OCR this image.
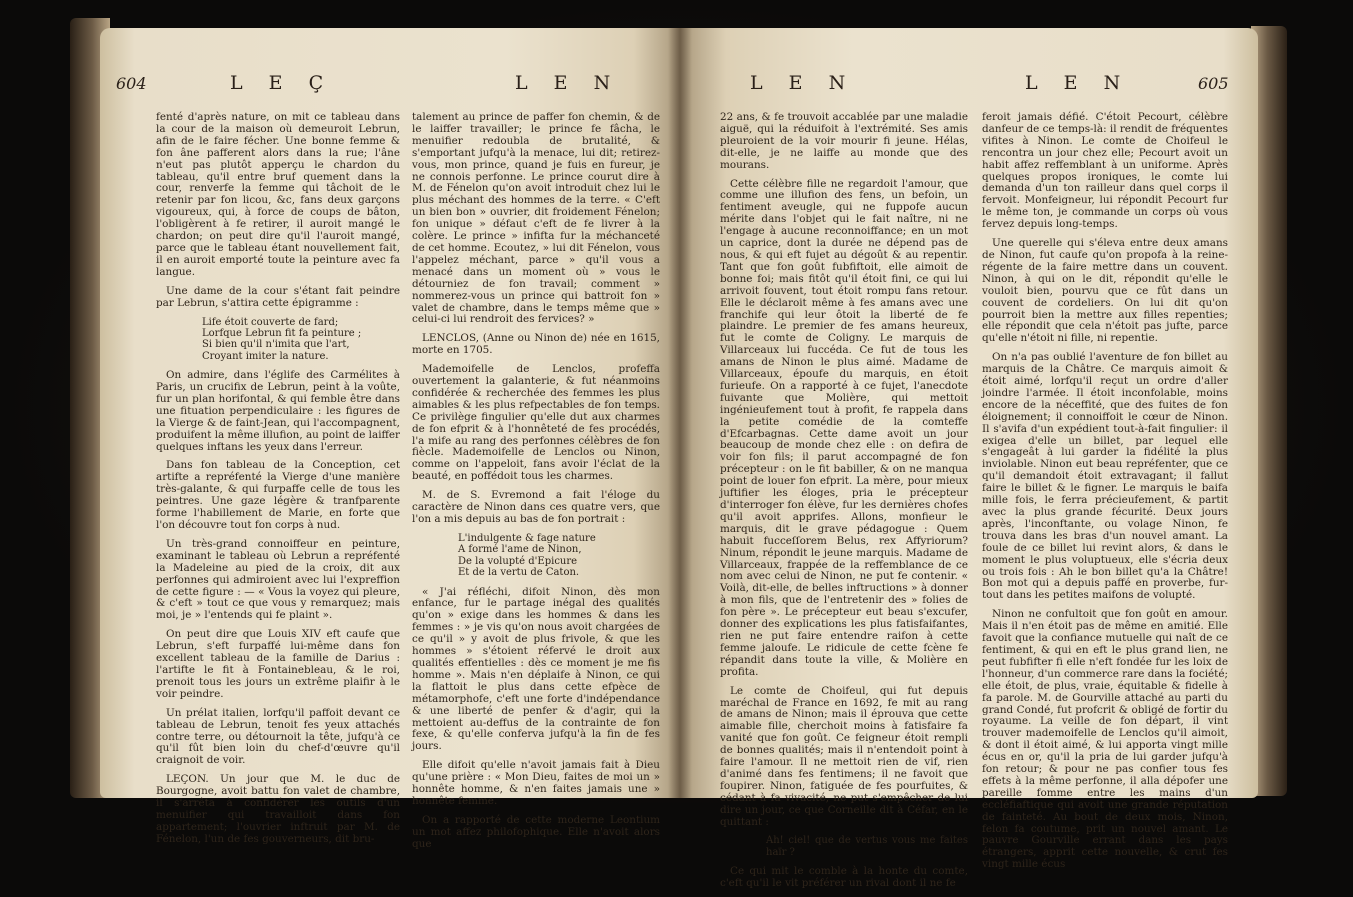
604	L E Ç	L E N

fenté d'après nature, on mit ce tableau dans la cour de la maison où demeuroit Lebrun, afin de le faire fécher. Une bonne femme & fon âne pafferent alors dans la rue; l'âne n'eut pas plutôt apperçu le chardon du tableau, qu'il entre bruf quement dans la cour, renverfe la femme qui tâchoit de le retenir par fon licou, &c, fans deux garçons vigoureux, qui, à force de coups de bâton, l'obligèrent à fe retirer, il auroit mangé le chardon; on peut dire qu'il l'auroit mangé, parce que le tableau étant nouvellement fait, il en auroit emporté toute la peinture avec fa langue.

Une dame de la cour s'étant fait peindre par Lebrun, s'attira cette épigramme :

Life étoit couverte de fard;
Lorfque Lebrun fit fa peinture ;
Si bien qu'il n'imita que l'art,
Croyant imiter la nature.

On admire, dans l'églife des Carmélites à Paris, un crucifix de Lebrun, peint à la voûte, fur un plan horifontal, & qui femble être dans une fituation perpendiculaire : les figures de la Vierge & de faint-Jean, qui l'accompagnent, produifent la même illufion, au point de laiffer quelques inftans les yeux dans l'erreur.

Dans fon tableau de la Conception, cet artifte a repréfenté la Vierge d'une manière très-galante, & qui furpaffe celle de tous les peintres. Une gaze légère & tranfparente forme l'habillement de Marie, en forte que l'on découvre tout fon corps à nud.

Un très-grand connoiffeur en peinture, examinant le tableau où Lebrun a repréfenté la Madeleine au pied de la croix, dit aux perfonnes qui admiroient avec lui l'expreffion de cette figure : — « Vous la voyez qui pleure, & c'eft » tout ce que vous y remarquez; mais moi, je » l'entends qui fe plaint ».

On peut dire que Louis XIV eft caufe que Lebrun, s'eft furpaffé lui-même dans fon excellent tableau de la famille de Darius : l'artifte le fit à Fontainebleau, & le roi, prenoit tous les jours un extrême plaifir à le voir peindre.

Un prélat italien, lorfqu'il paffoit devant ce tableau de Lebrun, tenoit fes yeux attachés contre terre, ou détournoit la tête, jufqu'à ce qu'il fût bien loin du chef-d'œuvre qu'il craignoit de voir.

LEÇON. Un jour que M. le duc de Bourgogne, avoit battu fon valet de chambre, il s'arrêta à confidérer les outils d'un menuifier qui travailloit dans fon appartement; l'ouvrier inftruit par M. de Fénelon, l'un de fes gouverneurs, dit bru-

talement au prince de paffer fon chemin, & de le laiffer travailler; le prince fe fâcha, le menuifier redoubla de brutalité, & s'emportant jufqu'à la menace, lui dit; retirez-vous, mon prince, quand je fuis en fureur, je ne connois perfonne. Le prince courut dire à M. de Fénelon qu'on avoit introduit chez lui le plus méchant des hommes de la terre. « C'eft un bien bon » ouvrier, dit froidement Fénelon; fon unique » défaut c'eft de fe livrer à la colère. Le prince » infifta fur la méchanceté de cet homme. Ecoutez, » lui dit Fénelon, vous l'appelez méchant, parce » qu'il vous a menacé dans un moment où » vous le détourniez de fon travail; comment » nommerez-vous un prince qui battroit fon » valet de chambre, dans le temps même que » celui-ci lui rendroit des fervices? »

LENCLOS, (Anne ou Ninon de) née en 1615, morte en 1705.

Mademoifelle de Lenclos, profeffa ouvertement la galanterie, & fut néanmoins confidérée & recherchée des femmes les plus aimables & les plus refpectables de fon temps. Ce privilège fingulier qu'elle dut aux charmes de fon efprit & à l'honnêteté de fes procédés, l'a mife au rang des perfonnes célèbres de fon fiècle. Mademoifelle de Lenclos ou Ninon, comme on l'appeloit, fans avoir l'éclat de la beauté, en poffédoit tous les charmes.

M. de S. Evremond a fait l'éloge du caractère de Ninon dans ces quatre vers, que l'on a mis depuis au bas de fon portrait :

L'indulgente & fage nature
A formé l'ame de Ninon,
De la volupté d'Epicure
Et de la vertu de Caton.

« J'ai réfléchi, difoit Ninon, dès mon enfance, fur le partage inégal des qualités qu'on » exige dans les hommes & dans les femmes : » je vis qu'on nous avoit chargées de ce qu'il » y avoit de plus frivole, & que les hommes » s'étoient réfervé le droit aux qualités effentielles : dès ce moment je me fis homme ». Mais n'en déplaife à Ninon, ce qui la flattoit le plus dans cette efpèce de métamorphofe, c'eft une forte d'indépendance & une liberté de penfer & d'agir, qui la mettoient au-deffus de la contrainte de fon fexe, & qu'elle conferva jufqu'à la fin de fes jours.

Elle difoit qu'elle n'avoit jamais fait à Dieu qu'une prière : « Mon Dieu, faites de moi un » honnête homme, & n'en faites jamais une » honnête femme.

On a rapporté de cette moderne Leontium un mot affez philofophique. Elle n'avoit alors que

L E N	L E N	605

22 ans, & fe trouvoit accablée par une maladie aiguë, qui la réduifoit à l'extrémité. Ses amis pleuroient de la voir mourir fi jeune. Hélas, dit-elle, je ne laiffe au monde que des mourans.

Cette célèbre fille ne regardoit l'amour, que comme une illufion des fens, un befoin, un fentiment aveugle, qui ne fuppofe aucun mérite dans l'objet qui le fait naître, ni ne l'engage à aucune reconnoiffance; en un mot un caprice, dont la durée ne dépend pas de nous, & qui eft fujet au dégoût & au repentir. Tant que fon goût fubfiftoit, elle aimoit de bonne foi; mais fitôt qu'il étoit fini, ce qui lui arrivoit fouvent, tout étoit rompu fans retour. Elle le déclaroit même à fes amans avec une franchife qui leur ôtoit la liberté de fe plaindre. Le premier de fes amans heureux, fut le comte de Coligny. Le marquis de Villarceaux lui fuccéda. Ce fut de tous les amans de Ninon le plus aimé. Madame de Villarceaux, époufe du marquis, en étoit furieufe. On a rapporté à ce fujet, l'anecdote fuivante que Molière, qui mettoit ingénieufement tout à profit, fe rappela dans la petite comédie de la comteffe d'Efcarbagnas. Cette dame avoit un jour beaucoup de monde chez elle : on defira de voir fon fils; il parut accompagné de fon précepteur : on le fit babiller, & on ne manqua point de louer fon efprit. La mère, pour mieux juftifier les éloges, pria le précepteur d'interroger fon élève, fur les dernières chofes qu'il avoit apprifes. Allons, monfieur le marquis, dit le grave pédagogue : Quem habuit fucceſſorem Belus, rex Affyriorum? Ninum, répondit le jeune marquis. Madame de Villarceaux, frappée de la reffemblance de ce nom avec celui de Ninon, ne put fe contenir. « Voilà, dit-elle, de belles inftructions » à donner à mon fils, que de l'entretenir des » folies de fon père ». Le précepteur eut beau s'excufer, donner des explications les plus fatisfaifantes, rien ne put faire entendre raifon à cette femme jaloufe. Le ridicule de cette fcène fe répandit dans toute la ville, & Molière en profita.

Le comte de Choifeul, qui fut depuis maréchal de France en 1692, fe mit au rang de amans de Ninon; mais il éprouva que cette aimable fille, cherchoit moins à fatisfaire fa vanité que fon goût. Ce feigneur étoit rempli de bonnes qualités; mais il n'entendoit point à faire l'amour. Il ne mettoit rien de vif, rien d'animé dans fes fentimens; il ne favoit que foupirer. Ninon, fatiguée de fes pourfuites, & cédant à fa vivacité, ne put s'empêcher de lui dire un jour, ce que Corneille dit à Céfar, en le quittant :

Ah! ciel! que de vertus vous me faites haïr ?

Ce qui mit le comble à la honte du comte, c'eft qu'il le vit préférer un rival dont il ne fe

feroit jamais défié. C'étoit Pecourt, célèbre danfeur de ce temps-là: il rendit de fréquentes vifites à Ninon. Le comte de Choifeul le rencontra un jour chez elle; Pecourt avoit un habit affez reffemblant à un uniforme. Après quelques propos ironiques, le comte lui demanda d'un ton railleur dans quel corps il fervoit. Monfeigneur, lui répondit Pecourt fur le même ton, je commande un corps où vous fervez depuis long-temps.

Une querelle qui s'éleva entre deux amans de Ninon, fut caufe qu'on propofa à la reine-régente de la faire mettre dans un couvent. Ninon, à qui on le dit, répondit qu'elle le vouloit bien, pourvu que ce fût dans un couvent de cordeliers. On lui dit qu'on pourroit bien la mettre aux filles repenties; elle répondit que cela n'étoit pas jufte, parce qu'elle n'étoit ni fille, ni repentie.

On n'a pas oublié l'aventure de fon billet au marquis de la Châtre. Ce marquis aimoit & étoit aimé, lorfqu'il reçut un ordre d'aller joindre l'armée. Il étoit inconfolable, moins encore de la néceffité, que des fuites de fon éloignement; il connoiffoit le cœur de Ninon. Il s'avifa d'un expédient tout-à-fait fingulier: il exigea d'elle un billet, par lequel elle s'engageât à lui garder la fidélité la plus inviolable. Ninon eut beau repréfenter, que ce qu'il demandoit étoit extravagant; il fallut faire le billet & le figner. Le marquis le baifa mille fois, le ferra précieufement, & partit avec la plus grande fécurité. Deux jours après, l'inconftante, ou volage Ninon, fe trouva dans les bras d'un nouvel amant. La foule de ce billet lui revint alors, & dans le moment le plus voluptueux, elle s'écria deux ou trois fois : Ah le bon billet qu'a la Châtre! Bon mot qui a depuis paffé en proverbe, fur-tout dans les petites maifons de volupté.

Ninon ne confultoit que fon goût en amour. Mais il n'en étoit pas de même en amitié. Elle favoit que la confiance mutuelle qui naît de ce fentiment, & qui en eft le plus grand lien, ne peut fubfifter fi elle n'eft fondée fur les loix de l'honneur, d'un commerce rare dans la fociété; elle étoit, de plus, vraie, équitable & fidelle à fa parole. M. de Gourville attaché au parti du grand Condé, fut profcrit & obligé de fortir du royaume. La veille de fon départ, il vint trouver mademoifelle de Lenclos qu'il aimoit, & dont il étoit aimé, & lui apporta vingt mille écus en or, qu'il la pria de lui garder jufqu'à fon retour; & pour ne pas confier tous fes effets à la même perfonne, il alla dépofer une pareille fomme entre les mains d'un eccléfiaftique qui avoit une grande réputation de fainteté. Au bout de deux mois, Ninon, felon fa coutume, prit un nouvel amant. Le pauvre Gourville errant dans les pays étrangers, apprit cette nouvelle, & crut fes vingt mille écus
